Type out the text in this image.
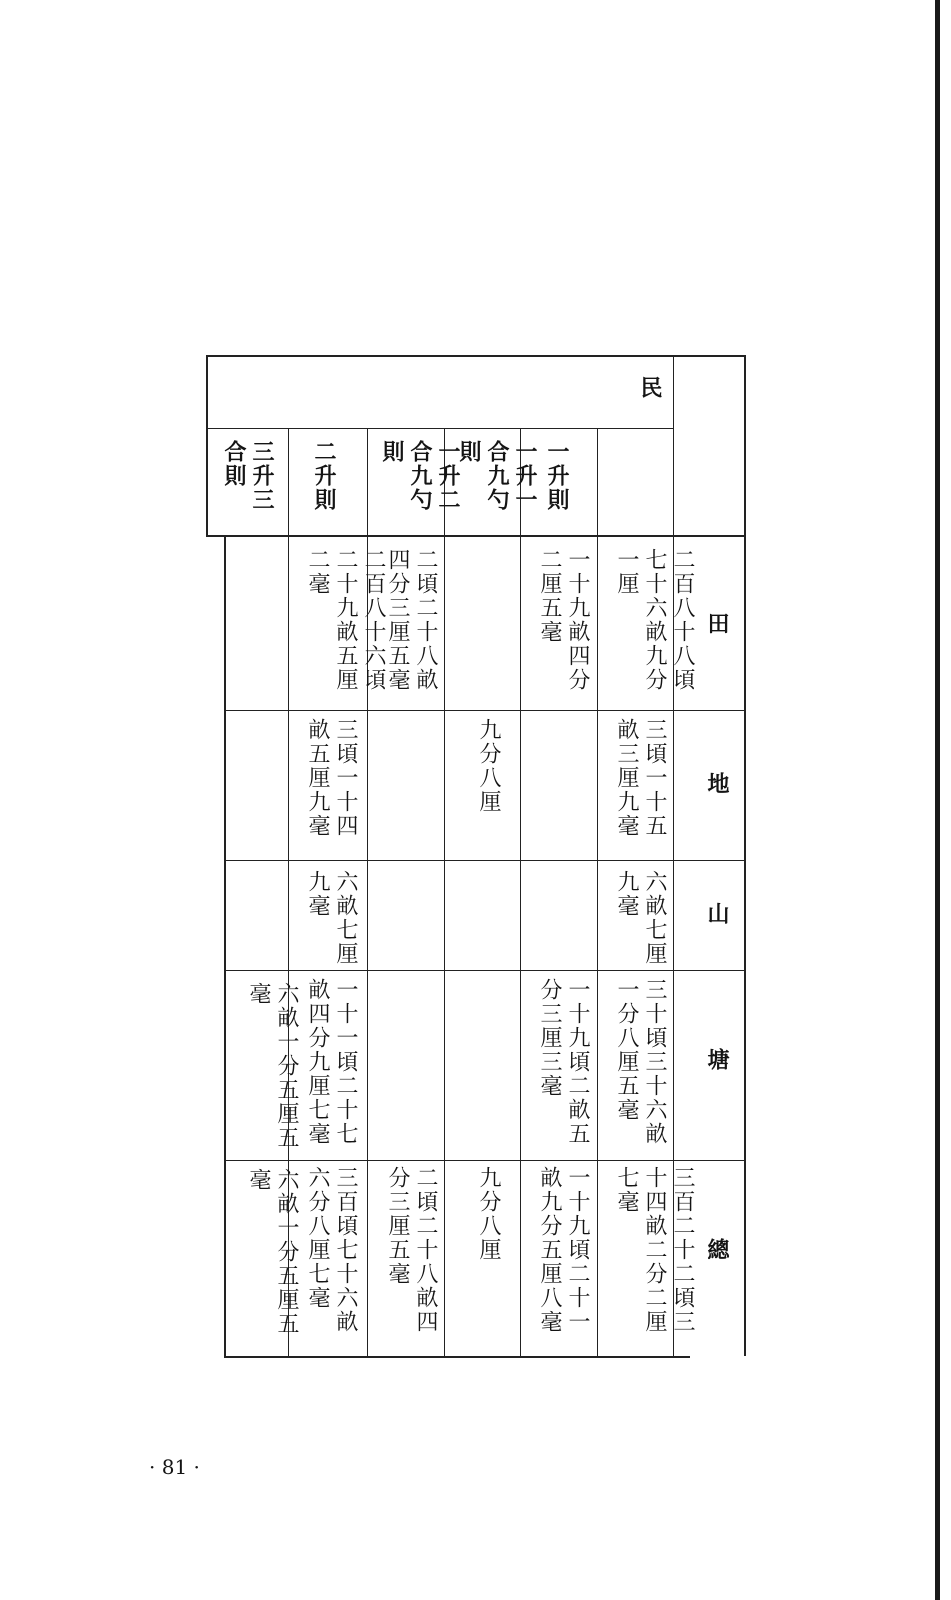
民
一升則
一升一合九勺則
一升二合九勺則
二升則
三升三合則
田
地
山
塘
總
二百八十八頃七十六畝九分一厘
三頃一十五畝三厘九毫
六畝七厘九毫
三十頃三十六畝一分八厘五毫
三百二十二頃三十四畝二分二厘七毫
一十九畝四分二厘五毫
一十九頃二畝五分三厘三毫
一十九頃二十一畝九分五厘八毫
九分八厘
九分八厘
二頃二十八畝四分三厘五毫
二頃二十八畝四分三厘五毫
二百八十六頃二十九畝五厘二毫
三頃一十四畝五厘九毫
六畝七厘九毫
一十一頃二十七畝四分九厘七毫
三百頃七十六畝六分八厘七毫
六畝一分五厘五毫
六畝一分五厘五毫
· 81 ·
